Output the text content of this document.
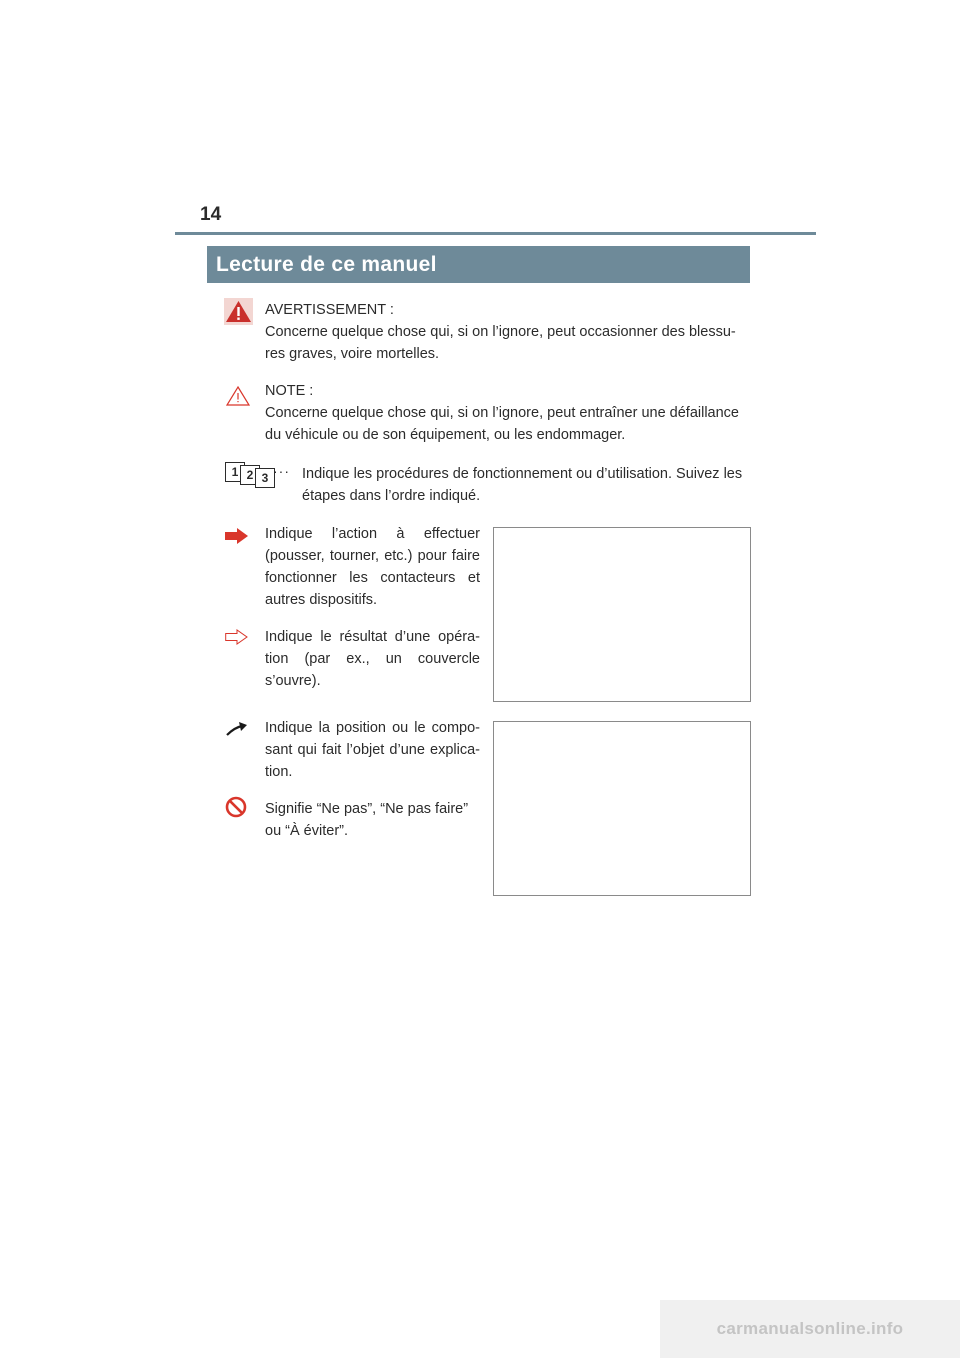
14
Lecture de ce manuel
AVERTISSEMENT :
Concerne quelque chose qui, si on l’ignore, peut occasionner des blessu-
res graves, voire mortelles.
NOTE :
Concerne quelque chose qui, si on l’ignore, peut entraîner une défaillance
du véhicule ou de son équipement, ou les endommager.
1 2 3 ··· Indique les procédures de fonctionnement ou d’utilisation. Suivez les
étapes dans l’ordre indiqué.
Indique l’action à effectuer
(pousser, tourner, etc.) pour faire
fonctionner les contacteurs et
autres dispositifs.
Indique le résultat d’une opéra-
tion (par ex., un couvercle
s’ouvre).
Indique la position ou le compo-
sant qui fait l’objet d’une explica-
tion.
Signifie “Ne pas”, “Ne pas faire”
ou “À éviter”.
carmanualsonline.info
